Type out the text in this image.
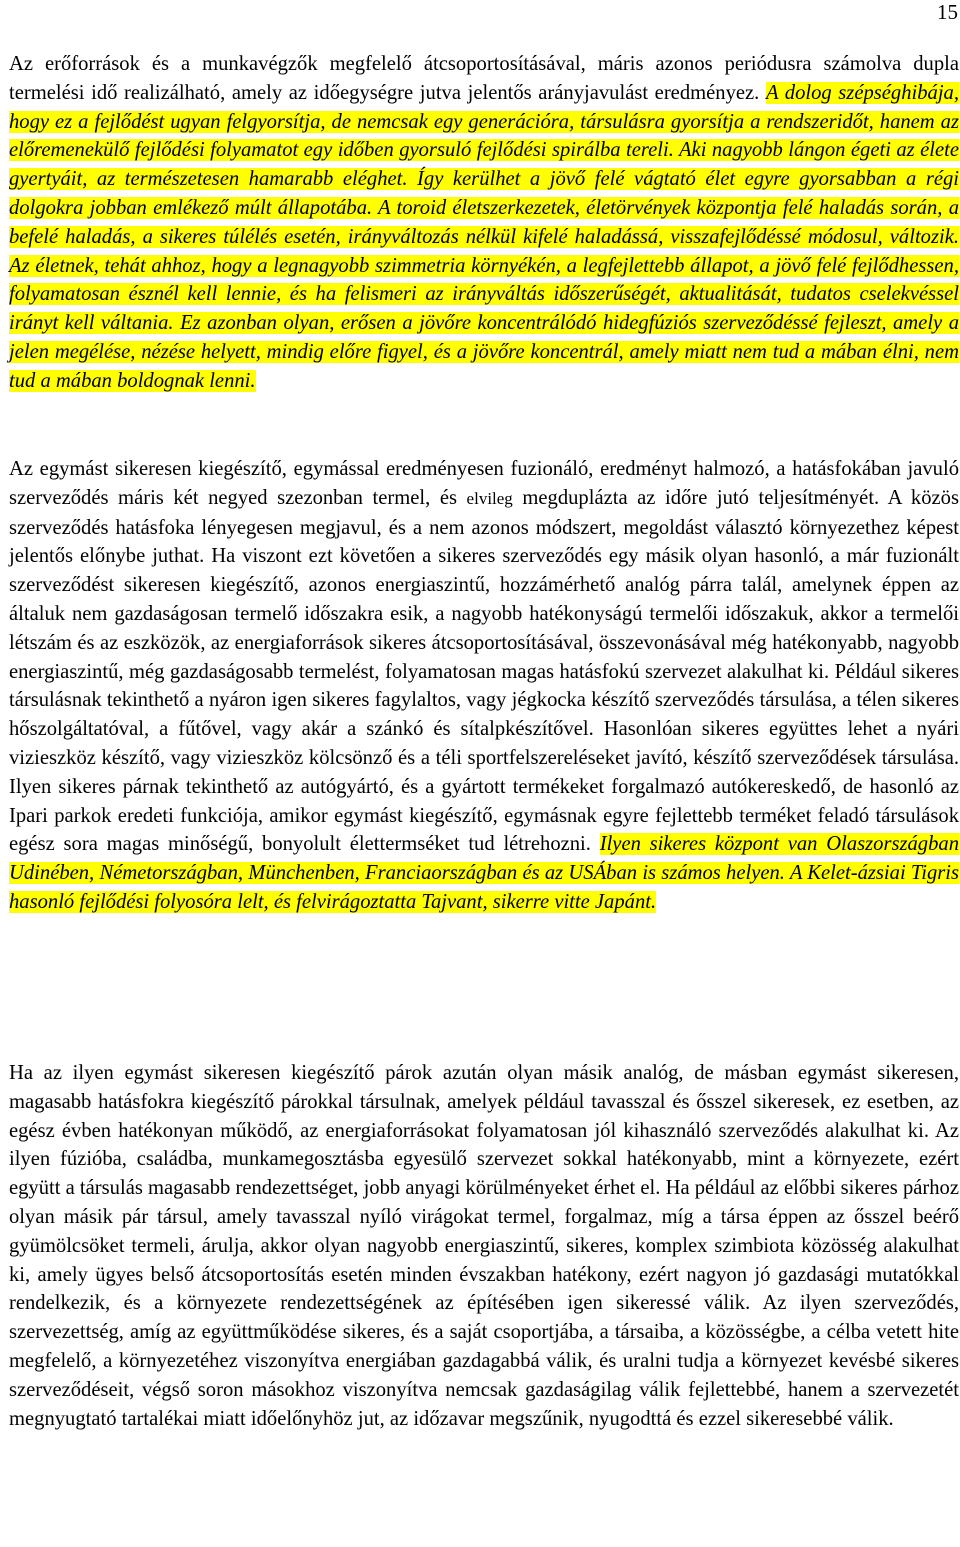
15

Az erőforrások és a munkavégzők megfelelő átcsoportosításával, máris azonos periódusra számolva dupla termelési idő realizálható, amely az időegységre jutva jelentős arányjavulást eredményez. A dolog szépséghibája, hogy ez a fejlődést ugyan felgyorsítja, de nemcsak egy generációra, társulásra gyorsítja a rendszeridőt, hanem az előremenekülő fejlődési folyamatot egy időben gyorsuló fejlődési spirálba tereli. Aki nagyobb lángon égeti az élete gyertyáit, az természetesen hamarabb eléghet. Így kerülhet a jövő felé vágtató élet egyre gyorsabban a régi dolgokra jobban emlékező múlt állapotába. A toroid életszerkezetek, életörvények központja felé haladás során, a befelé haladás, a sikeres túlélés esetén, irányváltozás nélkül kifelé haladássá, visszafejlődéssé módosul, változik. Az életnek, tehát ahhoz, hogy a legnagyobb szimmetria környékén, a legfejlettebb állapot, a jövő felé fejlődhessen, folyamatosan észnél kell lennie, és ha felismeri az irányváltás időszerűségét, aktualitását, tudatos cselekvéssel irányt kell váltania. Ez azonban olyan, erősen a jövőre koncentrálódó hidegfúziós szerveződéssé fejleszt, amely a jelen megélése, nézése helyett, mindig előre figyel, és a jövőre koncentrál, amely miatt nem tud a mában élni, nem tud a mában boldognak lenni.

Az egymást sikeresen kiegészítő, egymással eredményesen fuzionáló, eredményt halmozó, a hatásfokában javuló szerveződés máris két negyed szezonban termel, és elvileg megduplázta az időre jutó teljesítményét. A közös szerveződés hatásfoka lényegesen megjavul, és a nem azonos módszert, megoldást választó környezethez képest jelentős előnybe juthat. Ha viszont ezt követően a sikeres szerveződés egy másik olyan hasonló, a már fuzionált szerveződést sikeresen kiegészítő, azonos energiaszintű, hozzámérhető analóg párra talál, amelynek éppen az általuk nem gazdaságosan termelő időszakra esik, a nagyobb hatékonyságú termelői időszakuk, akkor a termelői létszám és az eszközök, az energiaforrások sikeres átcsoportosításával, összevonásával még hatékonyabb, nagyobb energiaszintű, még gazdaságosabb termelést, folyamatosan magas hatásfokú szervezet alakulhat ki. Például sikeres társulásnak tekinthető a nyáron igen sikeres fagylaltos, vagy jégkocka készítő szerveződés társulása, a télen sikeres hőszolgáltatóval, a fűtővel, vagy akár a szánkó és sítalpkészítővel. Hasonlóan sikeres együttes lehet a nyári vizieszköz készítő, vagy vizieszköz kölcsönző és a téli sportfelszereléseket javító, készítő szerveződések társulása. Ilyen sikeres párnak tekinthető az autógyártó, és a gyártott termékeket forgalmazó autókereskedő, de hasonló az Ipari parkok eredeti funkciója, amikor egymást kiegészítő, egymásnak egyre fejlettebb terméket feladó társulások egész sora magas minőségű, bonyolult élettermséket tud létrehozni. Ilyen sikeres központ van Olaszországban Udinében, Németországban, Münchenben, Franciaországban és az USÁban is számos helyen. A Kelet-ázsiai Tigris hasonló fejlődési folyosóra lelt, és felvirágoztatta Tajvant, sikerre vitte Japánt.

Ha az ilyen egymást sikeresen kiegészítő párok azután olyan másik analóg, de másban egymást sikeresen, magasabb hatásfokra kiegészítő párokkal társulnak, amelyek például tavasszal és ősszel sikeresek, ez esetben, az egész évben hatékonyan működő, az energiaforrásokat folyamatosan jól kihasználó szerveződés alakulhat ki. Az ilyen fúzióba, családba, munkamegosztásba egyesülő szervezet sokkal hatékonyabb, mint a környezete, ezért együtt a társulás magasabb rendezettséget, jobb anyagi körülményeket érhet el. Ha például az előbbi sikeres párhoz olyan másik pár társul, amely tavasszal nyíló virágokat termel, forgalmaz, míg a társa éppen az ősszel beérő gyümölcsöket termeli, árulja, akkor olyan nagyobb energiaszintű, sikeres, komplex szimbiota közösség alakulhat ki, amely ügyes belső átcsoportosítás esetén minden évszakban hatékony, ezért nagyon jó gazdasági mutatókkal rendelkezik, és a környezete rendezettségének az építésében igen sikeressé válik. Az ilyen szerveződés, szervezettség, amíg az együttműködése sikeres, és a saját csoportjába, a társaiba, a közösségbe, a célba vetett hite megfelelő, a környezetéhez viszonyítva energiában gazdagabbá válik, és uralni tudja a környezet kevésbé sikeres szerveződéseit, végső soron másokhoz viszonyítva nemcsak gazdaságilag válik fejlettebbé, hanem a szervezetét megnyugtató tartalékai miatt időelőnyhöz jut, az időzavar megszűnik, nyugodttá és ezzel sikeresebbé válik.
